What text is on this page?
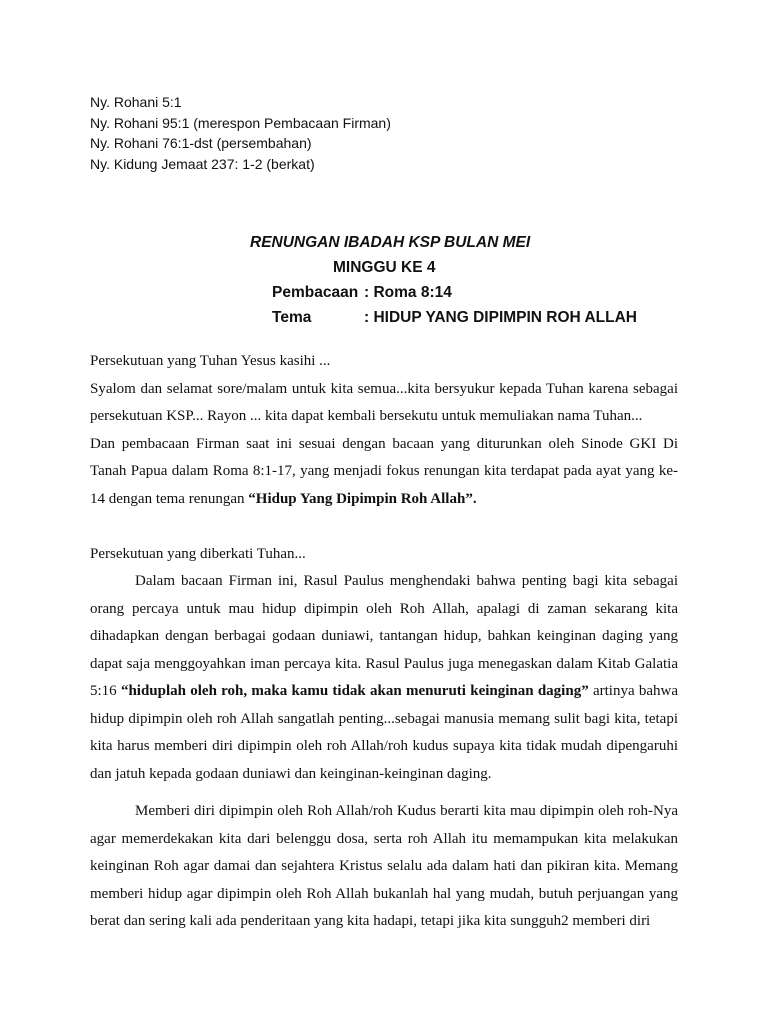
Ny. Rohani 5:1
Ny. Rohani 95:1 (merespon Pembacaan Firman)
Ny. Rohani 76:1-dst (persembahan)
Ny. Kidung Jemaat 237: 1-2 (berkat)
RENUNGAN IBADAH KSP BULAN MEI
MINGGU KE 4
Pembacaan : Roma 8:14
Tema	: HIDUP YANG DIPIMPIN ROH ALLAH

Persekutuan yang Tuhan Yesus kasihi ...

Syalom dan selamat sore/malam untuk kita semua...kita bersyukur kepada Tuhan karena sebagai persekutuan KSP... Rayon ... kita dapat kembali bersekutu untuk memuliakan nama Tuhan...

Dan pembacaan Firman saat ini sesuai dengan bacaan yang diturunkan oleh Sinode GKI Di Tanah Papua dalam Roma 8:1-17, yang menjadi fokus renungan kita terdapat pada ayat yang ke-14 dengan tema renungan “Hidup Yang Dipimpin Roh Allah”.

Persekutuan yang diberkati Tuhan...

Dalam bacaan Firman ini, Rasul Paulus menghendaki bahwa penting bagi kita sebagai orang percaya untuk mau hidup dipimpin oleh Roh Allah, apalagi di zaman sekarang kita dihadapkan dengan berbagai godaan duniawi, tantangan hidup, bahkan keinginan daging yang dapat saja menggoyahkan iman percaya kita. Rasul Paulus juga menegaskan dalam Kitab Galatia 5:16 “hiduplah oleh roh, maka kamu tidak akan menuruti keinginan daging” artinya bahwa hidup dipimpin oleh roh Allah sangatlah penting...sebagai manusia memang sulit bagi kita, tetapi kita harus memberi diri dipimpin oleh roh Allah/roh kudus supaya kita tidak mudah dipengaruhi dan jatuh kepada godaan duniawi dan keinginan-keinginan daging.

Memberi diri dipimpin oleh Roh Allah/roh Kudus berarti kita mau dipimpin oleh roh-Nya agar memerdekakan kita dari belenggu dosa, serta roh Allah itu memampukan kita melakukan keinginan Roh agar damai dan sejahtera Kristus selalu ada dalam hati dan pikiran kita. Memang memberi hidup agar dipimpin oleh Roh Allah bukanlah hal yang mudah, butuh perjuangan yang berat dan sering kali ada penderitaan yang kita hadapi, tetapi jika kita sungguh2 memberi diri
